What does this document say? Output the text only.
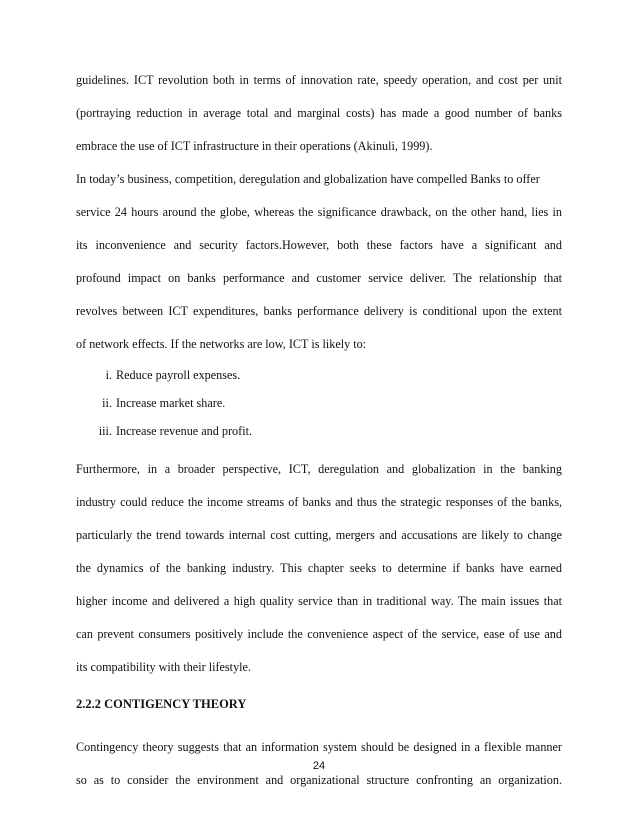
guidelines. ICT revolution both in terms of innovation rate, speedy operation, and cost per unit
(portraying reduction in average total and marginal costs) has made a good number of banks
embrace the use of ICT infrastructure in their operations (Akinuli, 1999).
In today’s business, competition, deregulation and globalization have compelled Banks to offer
service 24 hours around the globe, whereas the significance drawback, on the other hand, lies in
its inconvenience and security factors.However, both these factors have a significant and
profound impact on banks performance and customer service deliver. The relationship that
revolves between ICT expenditures, banks performance delivery is conditional upon the extent
of network effects. If the networks are low, ICT is likely to:
i. Reduce payroll expenses.
ii. Increase market share.
iii. Increase revenue and profit.
Furthermore, in a broader perspective, ICT, deregulation and globalization in the banking
industry could reduce the income streams of banks and thus the strategic responses of the banks,
particularly the trend towards internal cost cutting, mergers and accusations are likely to change
the dynamics of the banking industry. This chapter seeks to determine if banks have earned
higher income and delivered a high quality service than in traditional way. The main issues that
can prevent consumers positively include the convenience aspect of the service, ease of use and
its compatibility with their lifestyle.
2.2.2 CONTIGENCY THEORY
Contingency theory suggests that an information system should be designed in a flexible manner
so as to consider the environment and organizational structure confronting an organization.
24
